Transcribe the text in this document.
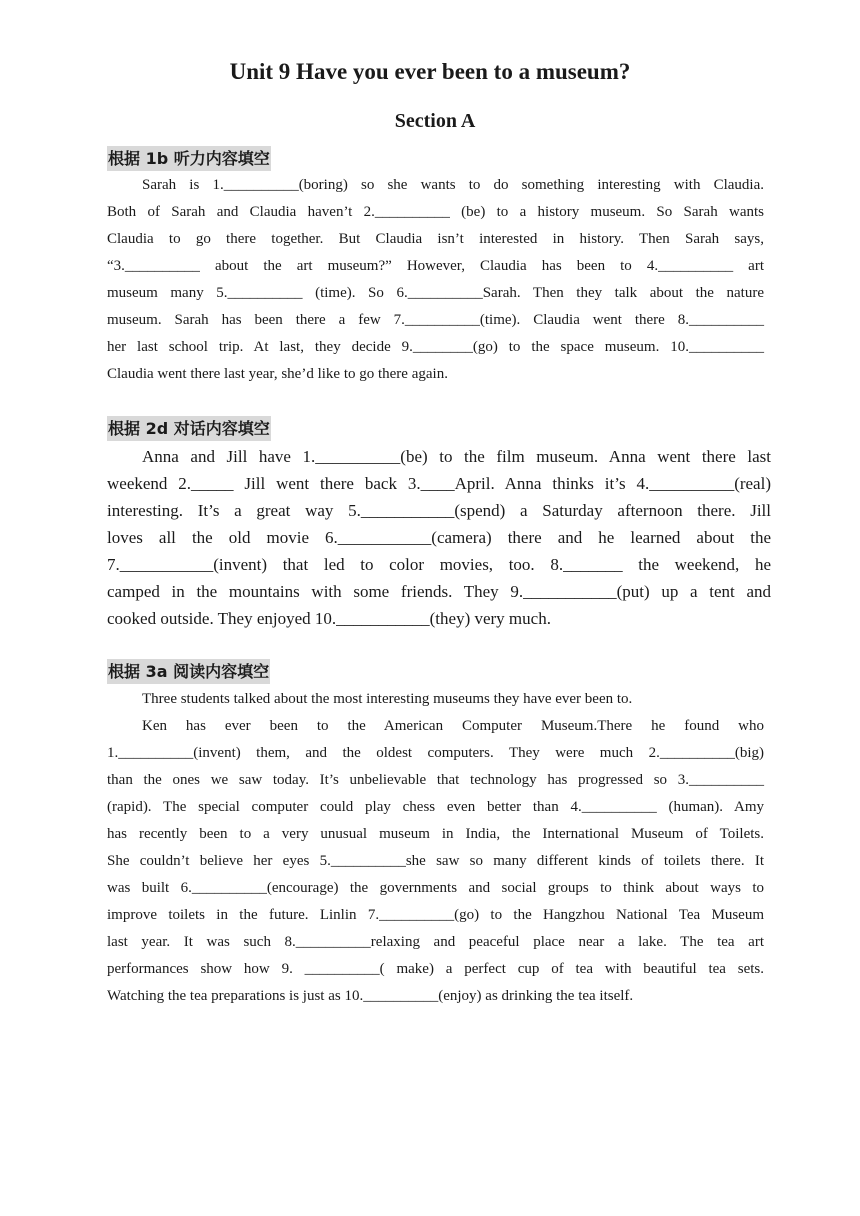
Unit 9 Have you ever been to a museum?
Section A
根据 1b 听力内容填空
Sarah is 1.__________(boring) so she wants to do something interesting with Claudia.
Both of Sarah and Claudia haven’t 2.__________ (be) to a history museum. So Sarah wants
Claudia to go there together. But Claudia isn’t interested in history. Then Sarah says,
“3.__________ about the art museum?” However, Claudia has been to 4.__________ art
museum many 5.__________ (time). So 6.__________Sarah. Then they talk about the nature
museum. Sarah has been there a few 7.__________(time). Claudia went there 8.__________
her last school trip. At last, they decide 9.________(go) to the space museum. 10.__________
Claudia went there last year, she’d like to go there again.
根据 2d 对话内容填空
Anna and Jill have 1.__________(be) to the film museum. Anna went there last
weekend 2._____ Jill went there back 3.____April. Anna thinks it’s 4.__________(real)
interesting. It’s a great way 5.___________(spend) a Saturday afternoon there. Jill
loves all the old movie 6.___________(camera) there and he learned about the
7.___________(invent) that led to color movies, too. 8._______ the weekend, he
camped in the mountains with some friends. They 9.___________(put) up a tent and
cooked outside. They enjoyed 10.___________(they) very much.
根据 3a 阅读内容填空
Three students talked about the most interesting museums they have ever been to.
Ken has ever been to the American Computer Museum.There he found who
1.__________(invent) them, and the oldest computers. They were much 2.__________(big)
than the ones we saw today. It’s unbelievable that technology has progressed so 3.__________
(rapid). The special computer could play chess even better than 4.__________ (human). Amy
has recently been to a very unusual museum in India, the International Museum of Toilets.
She couldn’t believe her eyes 5.__________she saw so many different kinds of toilets there. It
was built 6.__________(encourage) the governments and social groups to think about ways to
improve toilets in the future. Linlin 7.__________(go) to the Hangzhou National Tea Museum
last year. It was such 8.__________relaxing and peaceful place near a lake. The tea art
performances show how 9. __________( make) a perfect cup of tea with beautiful tea sets.
Watching the tea preparations is just as 10.__________(enjoy) as drinking the tea itself.
